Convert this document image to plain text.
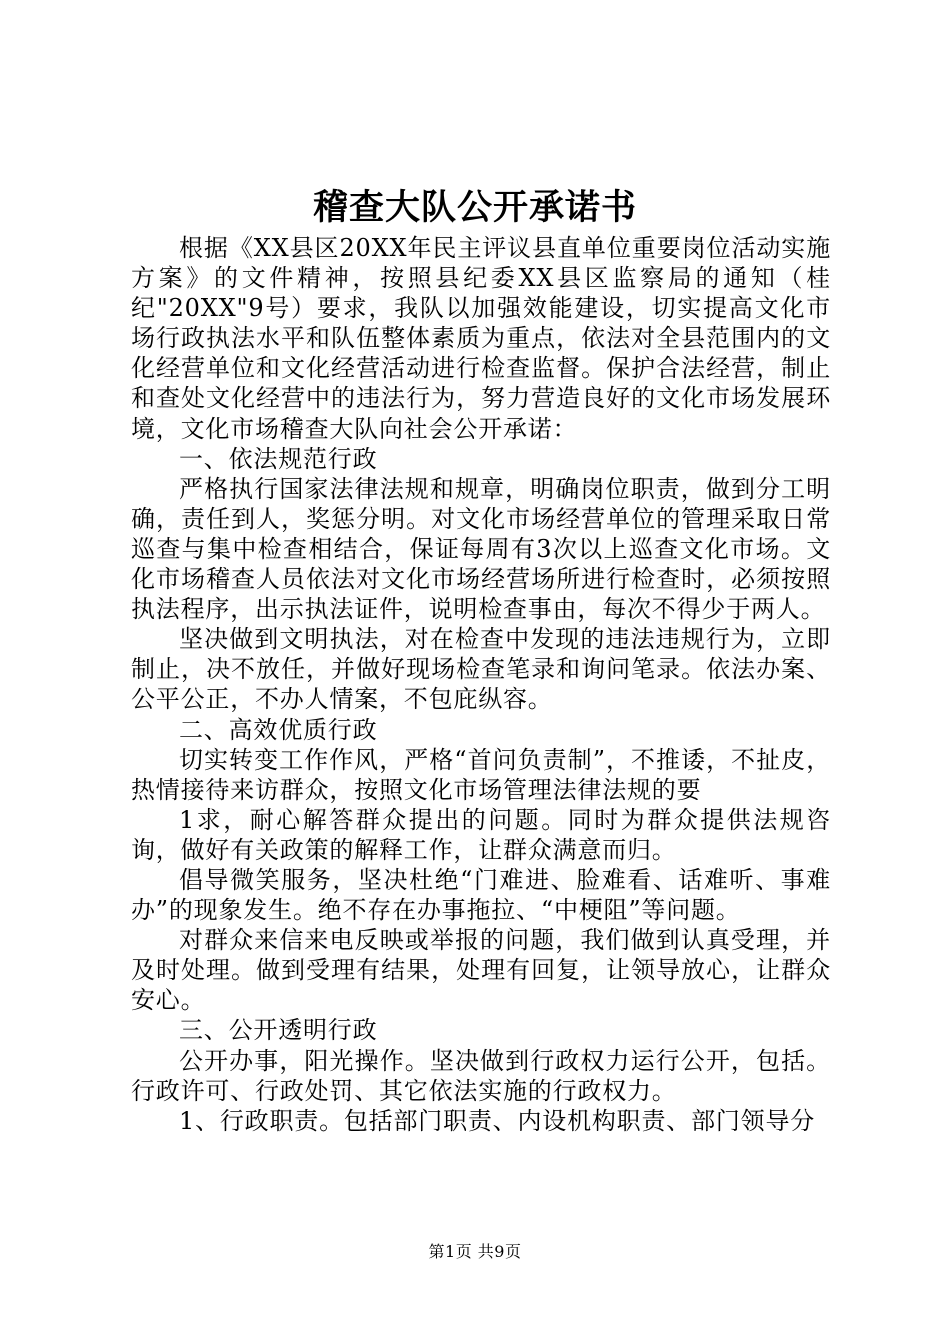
稽查大队公开承诺书

根据《XX县区20XX年民主评议县直单位重要岗位活动实施方案》的文件精神，按照县纪委XX县区监察局的通知（桂纪"20XX"9号）要求，我队以加强效能建设，切实提高文化市场行政执法水平和队伍整体素质为重点，依法对全县范围内的文化经营单位和文化经营活动进行检查监督。保护合法经营，制止和查处文化经营中的违法行为，努力营造良好的文化市场发展环境，文化市场稽查大队向社会公开承诺：

一、依法规范行政

严格执行国家法律法规和规章，明确岗位职责，做到分工明确，责任到人，奖惩分明。对文化市场经营单位的管理采取日常巡查与集中检查相结合，保证每周有3次以上巡查文化市场。文化市场稽查人员依法对文化市场经营场所进行检查时，必须按照执法程序，出示执法证件，说明检查事由，每次不得少于两人。

坚决做到文明执法，对在检查中发现的违法违规行为，立即制止，决不放任，并做好现场检查笔录和询问笔录。依法办案、公平公正，不办人情案，不包庇纵容。

二、高效优质行政

切实转变工作作风，严格“首问负责制”，不推诿，不扯皮，热情接待来访群众，按照文化市场管理法律法规的要

1求，耐心解答群众提出的问题。同时为群众提供法规咨询，做好有关政策的解释工作，让群众满意而归。

倡导微笑服务，坚决杜绝“门难进、脸难看、话难听、事难办”的现象发生。绝不存在办事拖拉、“中梗阻”等问题。

对群众来信来电反映或举报的问题，我们做到认真受理，并及时处理。做到受理有结果，处理有回复，让领导放心，让群众安心。

三、公开透明行政

公开办事，阳光操作。坚决做到行政权力运行公开，包括。行政许可、行政处罚、其它依法实施的行政权力。

1、行政职责。包括部门职责、内设机构职责、部门领导分

第1页 共9页
